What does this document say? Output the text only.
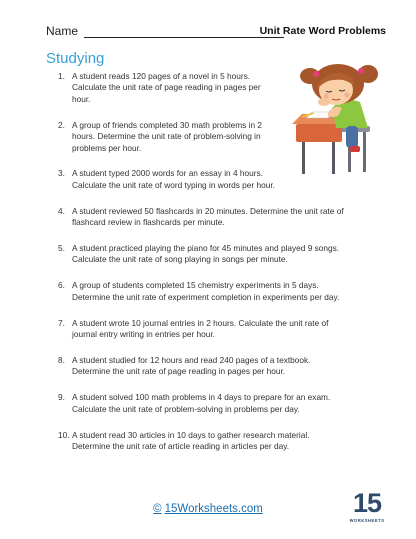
Name	Unit Rate Word Problems
Studying
1. A student reads 120 pages of a novel in 5 hours.
Calculate the unit rate of page reading in pages per
hour.
2. A group of friends completed 30 math problems in 2
hours. Determine the unit rate of problem-solving in
problems per hour.
3. A student typed 2000 words for an essay in 4 hours.
Calculate the unit rate of word typing in words per hour.
4. A student reviewed 50 flashcards in 20 minutes. Determine the unit rate of
flashcard review in flashcards per minute.
5. A student practiced playing the piano for 45 minutes and played 9 songs.
Calculate the unit rate of song playing in songs per minute.
6. A group of students completed 15 chemistry experiments in 5 days.
Determine the unit rate of experiment completion in experiments per day.
7. A student wrote 10 journal entries in 2 hours. Calculate the unit rate of
journal entry writing in entries per hour.
8. A student studied for 12 hours and read 240 pages of a textbook.
Determine the unit rate of page reading in pages per hour.
9. A student solved 100 math problems in 4 days to prepare for an exam.
Calculate the unit rate of problem-solving in problems per day.
10. A student read 30 articles in 10 days to gather research material.
Determine the unit rate of article reading in articles per day.
© 15Worksheets.com	15
WORKSHEETS
